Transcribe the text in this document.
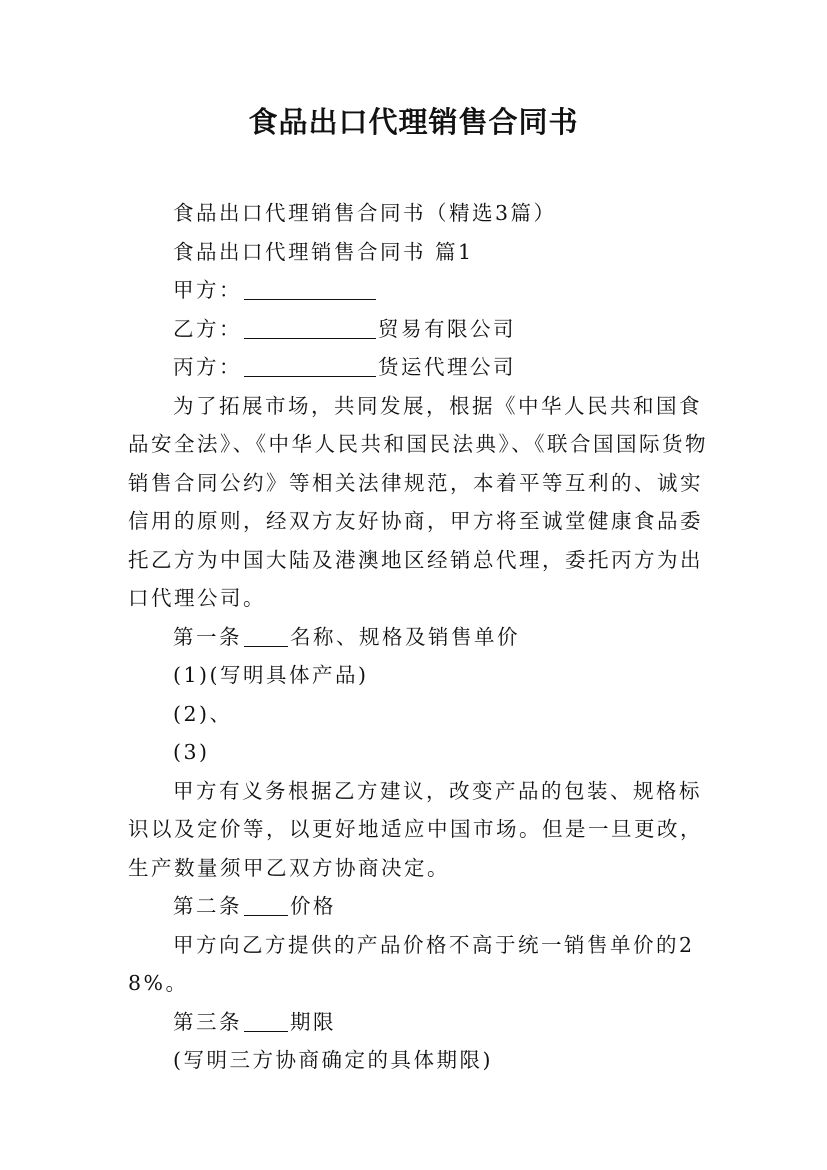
食品出口代理销售合同书

食品出口代理销售合同书（精选3篇）

食品出口代理销售合同书 篇1

甲方：

乙方：	贸易有限公司

丙方：	货运代理公司

为了拓展市场，共同发展，根据《中华人民共和国食品安全法》、《中华人民共和国民法典》、《联合国国际货物销售合同公约》等相关法律规范，本着平等互利的、诚实信用的原则，经双方友好协商，甲方将至诚堂健康食品委托乙方为中国大陆及港澳地区经销总代理，委托丙方为出口代理公司。

第一条 名称、规格及销售单价

(1)(写明具体产品)

(2)、

(3)

甲方有义务根据乙方建议，改变产品的包装、规格标识以及定价等，以更好地适应中国市场。但是一旦更改，生产数量须甲乙双方协商决定。

第二条 价格

甲方向乙方提供的产品价格不高于统一销售单价的28%。

第三条 期限

(写明三方协商确定的具体期限)
